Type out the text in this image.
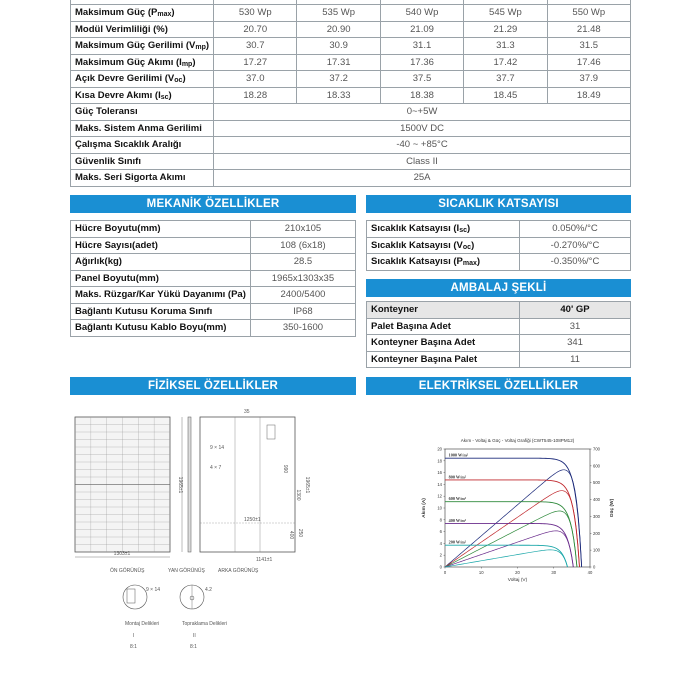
Maksimum Güç $(P_{max})$	530 Wp	535 Wp	540 Wp	545 Wp	550 Wp
Modül Verimliliği (%)	20.70	20.90	21.09	21.29	21.48
Maksimum Güç Gerilimi $(V_{mp})$	30.7	30.9	31.1	31.3	31.5
Maksimum Güç Akımı $(I_{mp})$	17.27	17.31	17.36	17.42	17.46
Açık Devre Gerilimi $(V_{oc})$	37.0	37.2	37.5	37.7	37.9
Kısa Devre Akımı $(I_{sc})$	18.28	18.33	18.38	18.45	18.49
Güç Toleransı	0~+5W				
Maks. Sistem Anma Gerilimi	1500V DC				
Çalışma Sıcaklık Aralığı	-40 ~ +85°C				
Güvenlik Sınıfı	Class II				
Maks. Seri Sigorta Akımı	25A				
MEKANİK ÖZELLİKLER
Hücre Boyutu(mm)	210x105
Hücre Sayısı(adet)	108 (6x18)
Ağırlık(kg)	28.5
Panel Boyutu(mm)	1965x1303x35
Maks. Rüzgar/Kar Yükü Dayanımı (Pa)	2400/5400
Bağlantı Kutusu Koruma Sınıfı	IP68
Bağlantı Kutusu Kablo Boyu(mm)	350-1600
SICAKLIK KATSAYISI
Sıcaklık Katsayısı $(I_{sc})$	0.050%/°C
Sıcaklık Katsayısı $(V_{oc})$	-0.270%/°C
Sıcaklık Katsayısı $(P_{max})$	-0.350%/°C
AMBALAJ ŞEKLİ
Konteyner	40' GP
Palet Başına Adet	31
Konteyner Başına Adet	341
Konteyner Başına Palet	11
FİZİKSEL ÖZELLİKLER	ELEKTRİKSEL ÖZELLİKLER
1303±1
1965±1
35
9 × 14
4 × 7
1250±1
1141±1
1300
1965±1
400 250
990
ÖN GÖRÜNÜŞ	YAN GÖRÜNÜŞ	ARKA GÖRÜNÜŞ
9 × 14
Montaj Delikleri
I
8:1
4.2
Topraklama Delikleri
II
8:1
Akım - Voltaj & Güç - Voltaj Grafiği (CWT545-108PM12)
0
2
4
6
8
10
12
14
16
18
20
0
100
200
300
400
500
600
700
0	10	20	30	40
Voltaj (V)
Akım (A)	Güç (W)
1000 W/m²
800 W/m²
600 W/m²
400 W/m²
200 W/m²
